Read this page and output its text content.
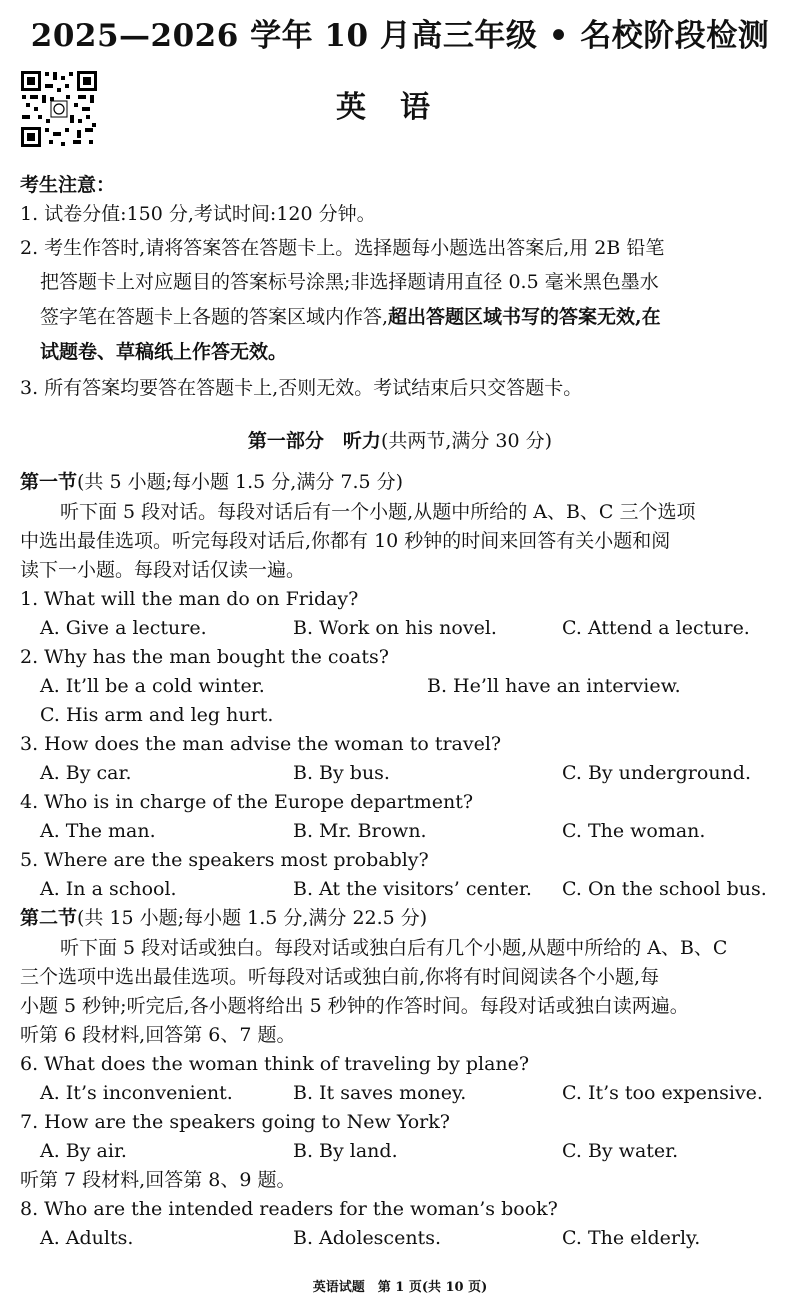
2025—2026 学年 10 月高三年级 • 名校阶段检测
英语
考生注意：
1. 试卷分值:150 分,考试时间:120 分钟。
2. 考生作答时,请将答案答在答题卡上。选择题每小题选出答案后,用 2B 铅笔
把答题卡上对应题目的答案标号涂黑;非选择题请用直径 0.5 毫米黑色墨水
签字笔在答题卡上各题的答案区域内作答,超出答题区域书写的答案无效,在
试题卷、草稿纸上作答无效。
3. 所有答案均要答在答题卡上,否则无效。考试结束后只交答题卡。
第一部分　听力(共两节,满分 30 分)
第一节(共 5 小题;每小题 1.5 分,满分 7.5 分)
听下面 5 段对话。每段对话后有一个小题,从题中所给的 A、B、C 三个选项
中选出最佳选项。听完每段对话后,你都有 10 秒钟的时间来回答有关小题和阅
读下一小题。每段对话仅读一遍。
1. What will the man do on Friday?
A. Give a lecture.	B. Work on his novel.	C. Attend a lecture.
2. Why has the man bought the coats?
A. It’ll be a cold winter.	B. He’ll have an interview.
C. His arm and leg hurt.
3. How does the man advise the woman to travel?
A. By car.	B. By bus.	C. By underground.
4. Who is in charge of the Europe department?
A. The man.	B. Mr. Brown.	C. The woman.
5. Where are the speakers most probably?
A. In a school.	B. At the visitors’ center. C. On the school bus.
第二节(共 15 小题;每小题 1.5 分,满分 22.5 分)
听下面 5 段对话或独白。每段对话或独白后有几个小题,从题中所给的 A、B、C
三个选项中选出最佳选项。听每段对话或独白前,你将有时间阅读各个小题,每
小题 5 秒钟;听完后,各小题将给出 5 秒钟的作答时间。每段对话或独白读两遍。
听第 6 段材料,回答第 6、7 题。
6. What does the woman think of traveling by plane?
A. It’s inconvenient.	B. It saves money.	C. It’s too expensive.
7. How are the speakers going to New York?
A. By air.	B. By land.	C. By water.
听第 7 段材料,回答第 8、9 题。
8. Who are the intended readers for the woman’s book?
A. Adults.	B. Adolescents.	C. The elderly.
英语试题　第 1 页(共 10 页)
